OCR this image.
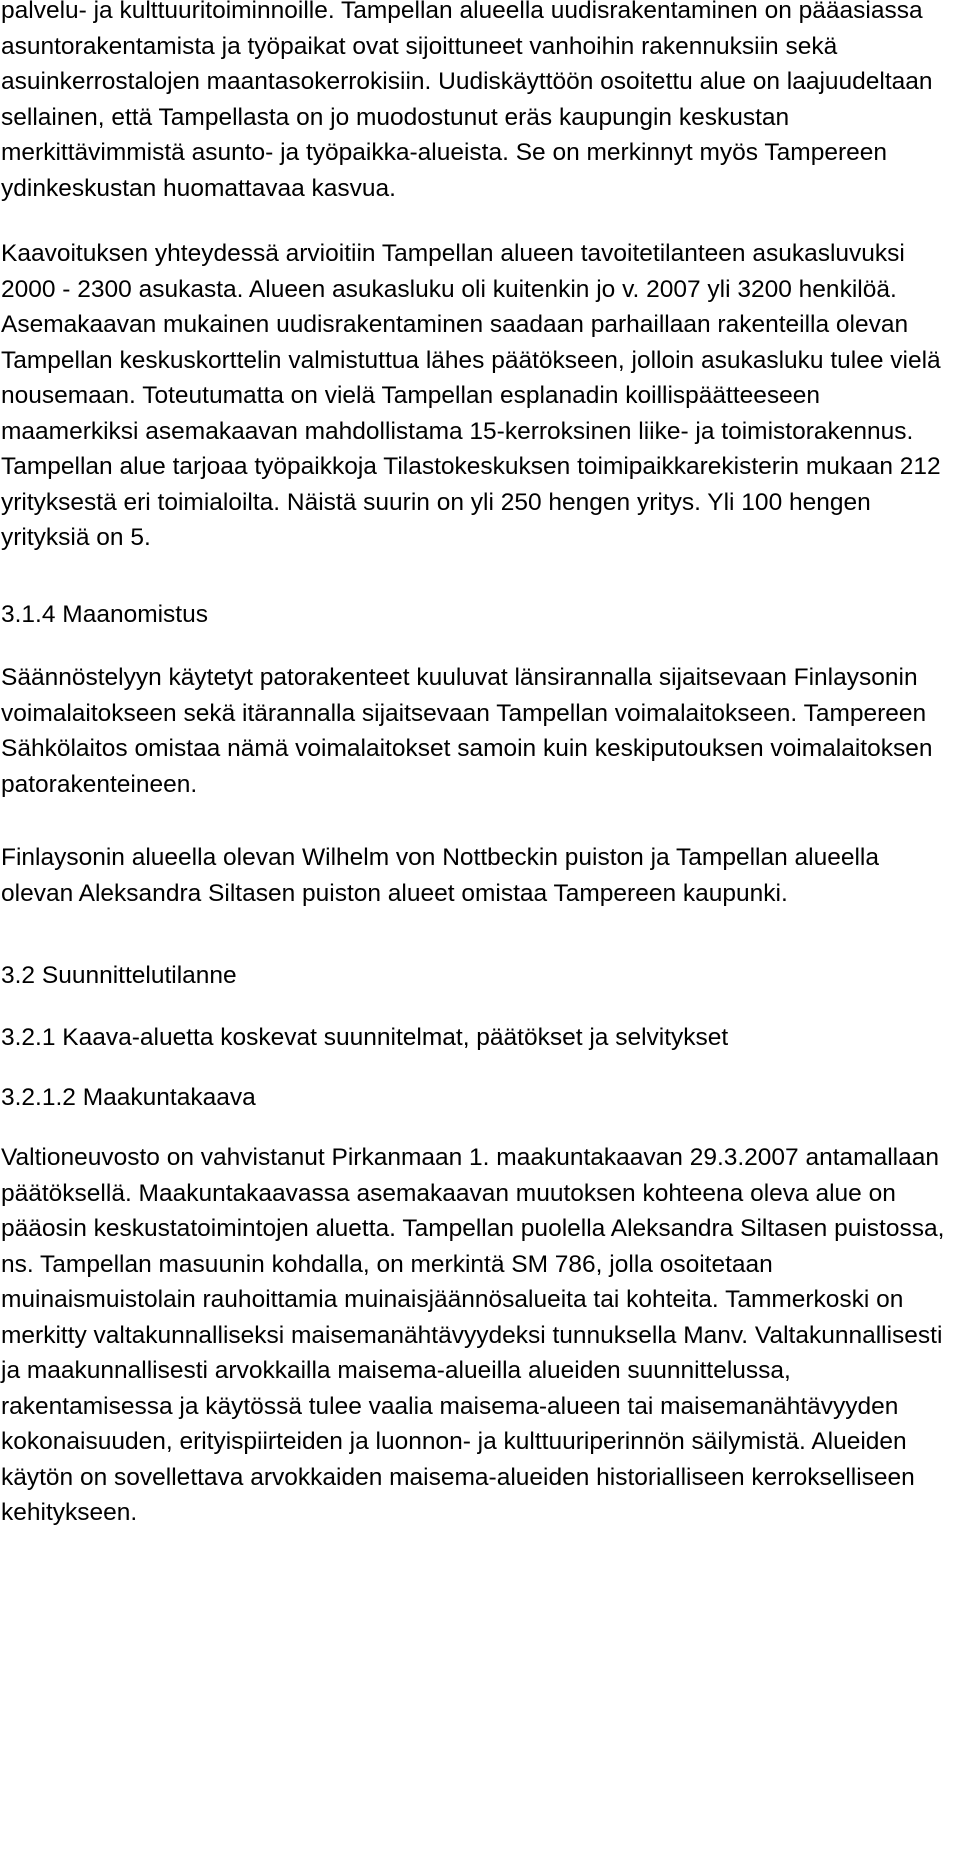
palvelu- ja kulttuuritoiminnoille. Tampellan alueella uudisrakentaminen on pääasiassa asuntorakentamista ja työpaikat ovat sijoittuneet vanhoihin rakennuksiin sekä asuinkerrostalojen maantasokerrokisiin. Uudiskäyttöön osoitettu alue on laajuudeltaan sellainen, että Tampellasta on jo muodostunut eräs kaupungin keskustan merkittävimmistä asunto- ja työpaikka-alueista. Se on merkinnyt myös Tampereen ydinkeskustan huomattavaa kasvua.

Kaavoituksen yhteydessä arvioitiin Tampellan alueen tavoitetilanteen asukasluvuksi 2000 - 2300 asukasta. Alueen asukasluku oli kuitenkin jo v. 2007 yli 3200 henkilöä. Asemakaavan mukainen uudisrakentaminen saadaan parhaillaan rakenteilla olevan Tampellan keskuskorttelin valmistuttua lähes päätökseen, jolloin asukasluku tulee vielä nousemaan. Toteutumatta on vielä Tampellan esplanadin koillispäätteeseen maamerkiksi asemakaavan mahdollistama 15-kerroksinen liike- ja toimistorakennus. Tampellan alue tarjoaa työpaikkoja Tilastokeskuksen toimipaikkarekisterin mukaan 212 yrityksestä eri toimialoilta. Näistä suurin on yli 250 hengen yritys. Yli 100 hengen yrityksiä on 5.

3.1.4 Maanomistus

Säännöstelyyn käytetyt patorakenteet kuuluvat länsirannalla sijaitsevaan Finlaysonin voimalaitokseen sekä itärannalla sijaitsevaan Tampellan voimalaitokseen. Tampereen Sähkölaitos omistaa nämä voimalaitokset samoin kuin keskiputouksen voimalaitoksen patorakenteineen.

Finlaysonin alueella olevan Wilhelm von Nottbeckin puiston ja Tampellan alueella olevan Aleksandra Siltasen puiston alueet omistaa Tampereen kaupunki.

3.2 Suunnittelutilanne

3.2.1 Kaava-aluetta koskevat suunnitelmat, päätökset ja selvitykset

3.2.1.2 Maakuntakaava

Valtioneuvosto on vahvistanut Pirkanmaan 1. maakuntakaavan 29.3.2007 antamallaan päätöksellä. Maakuntakaavassa asemakaavan muutoksen kohteena oleva alue on pääosin keskustatoimintojen aluetta. Tampellan puolella Aleksandra Siltasen puistossa, ns. Tampellan masuunin kohdalla, on merkintä SM 786, jolla osoitetaan muinaismuistolain rauhoittamia muinaisjäännösalueita tai kohteita. Tammerkoski on merkitty valtakunnalliseksi maisemanähtävyydeksi tunnuksella Manv. Valtakunnallisesti ja maakunnallisesti arvokkailla maisema-alueilla alueiden suunnittelussa, rakentamisessa ja käytössä tulee vaalia maisema-alueen tai maisemanähtävyyden kokonaisuuden, erityispiirteiden ja luonnon- ja kulttuuriperinnön säilymistä. Alueiden käytön on sovellettava arvokkaiden maisema-alueiden historialliseen kerrokselliseen kehitykseen.
